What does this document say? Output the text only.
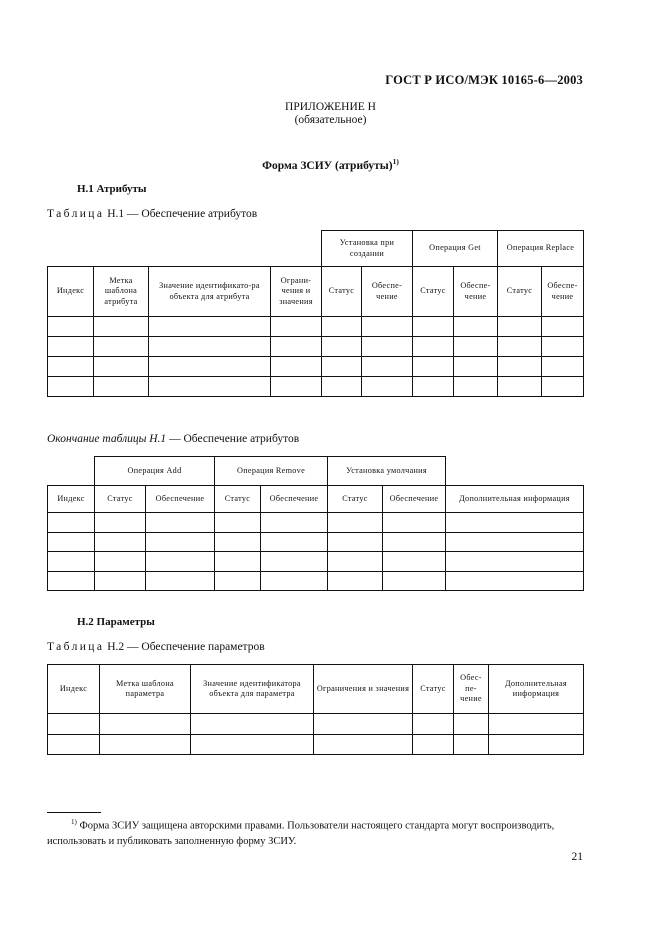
ГОСТ Р ИСО/МЭК 10165-6—2003
ПРИЛОЖЕНИЕ Н
(обязательное)
Форма ЗСИУ (атрибуты)$^{1)}$
Н.1 Атрибуты
Таблица Н.1 — Обеспечение атрибутов
				Установка при создании		Операция Get		Операция Replace	
Индекс	Метка шаблона атрибута	Значение идентификато-ра объекта для атрибута	Ограни-чения и значения	Статус	Обеспе-чение	Статус	Обеспе-чение	Статус	Обеспе-чение

Окончание таблицы Н.1 — Обеспечение атрибутов
	Операция Add		Операция Remove		Установка умолчания		
Индекс	Статус	Обеспечение	Статус	Обеспечение	Статус	Обеспечение	Дополнительная информация

Н.2 Параметры
Таблица Н.2 — Обеспечение параметров
Индекс	Метка шаблона параметра	Значение идентификатора объекта для параметра	Ограничения и значения	Статус	Обес-пе-чение	Дополнительная информация

$^{1)}$ Форма ЗСИУ защищена авторскими правами. Пользователи настоящего стандарта могут воспроизводить, использовать и публиковать заполненную форму ЗСИУ.
21
